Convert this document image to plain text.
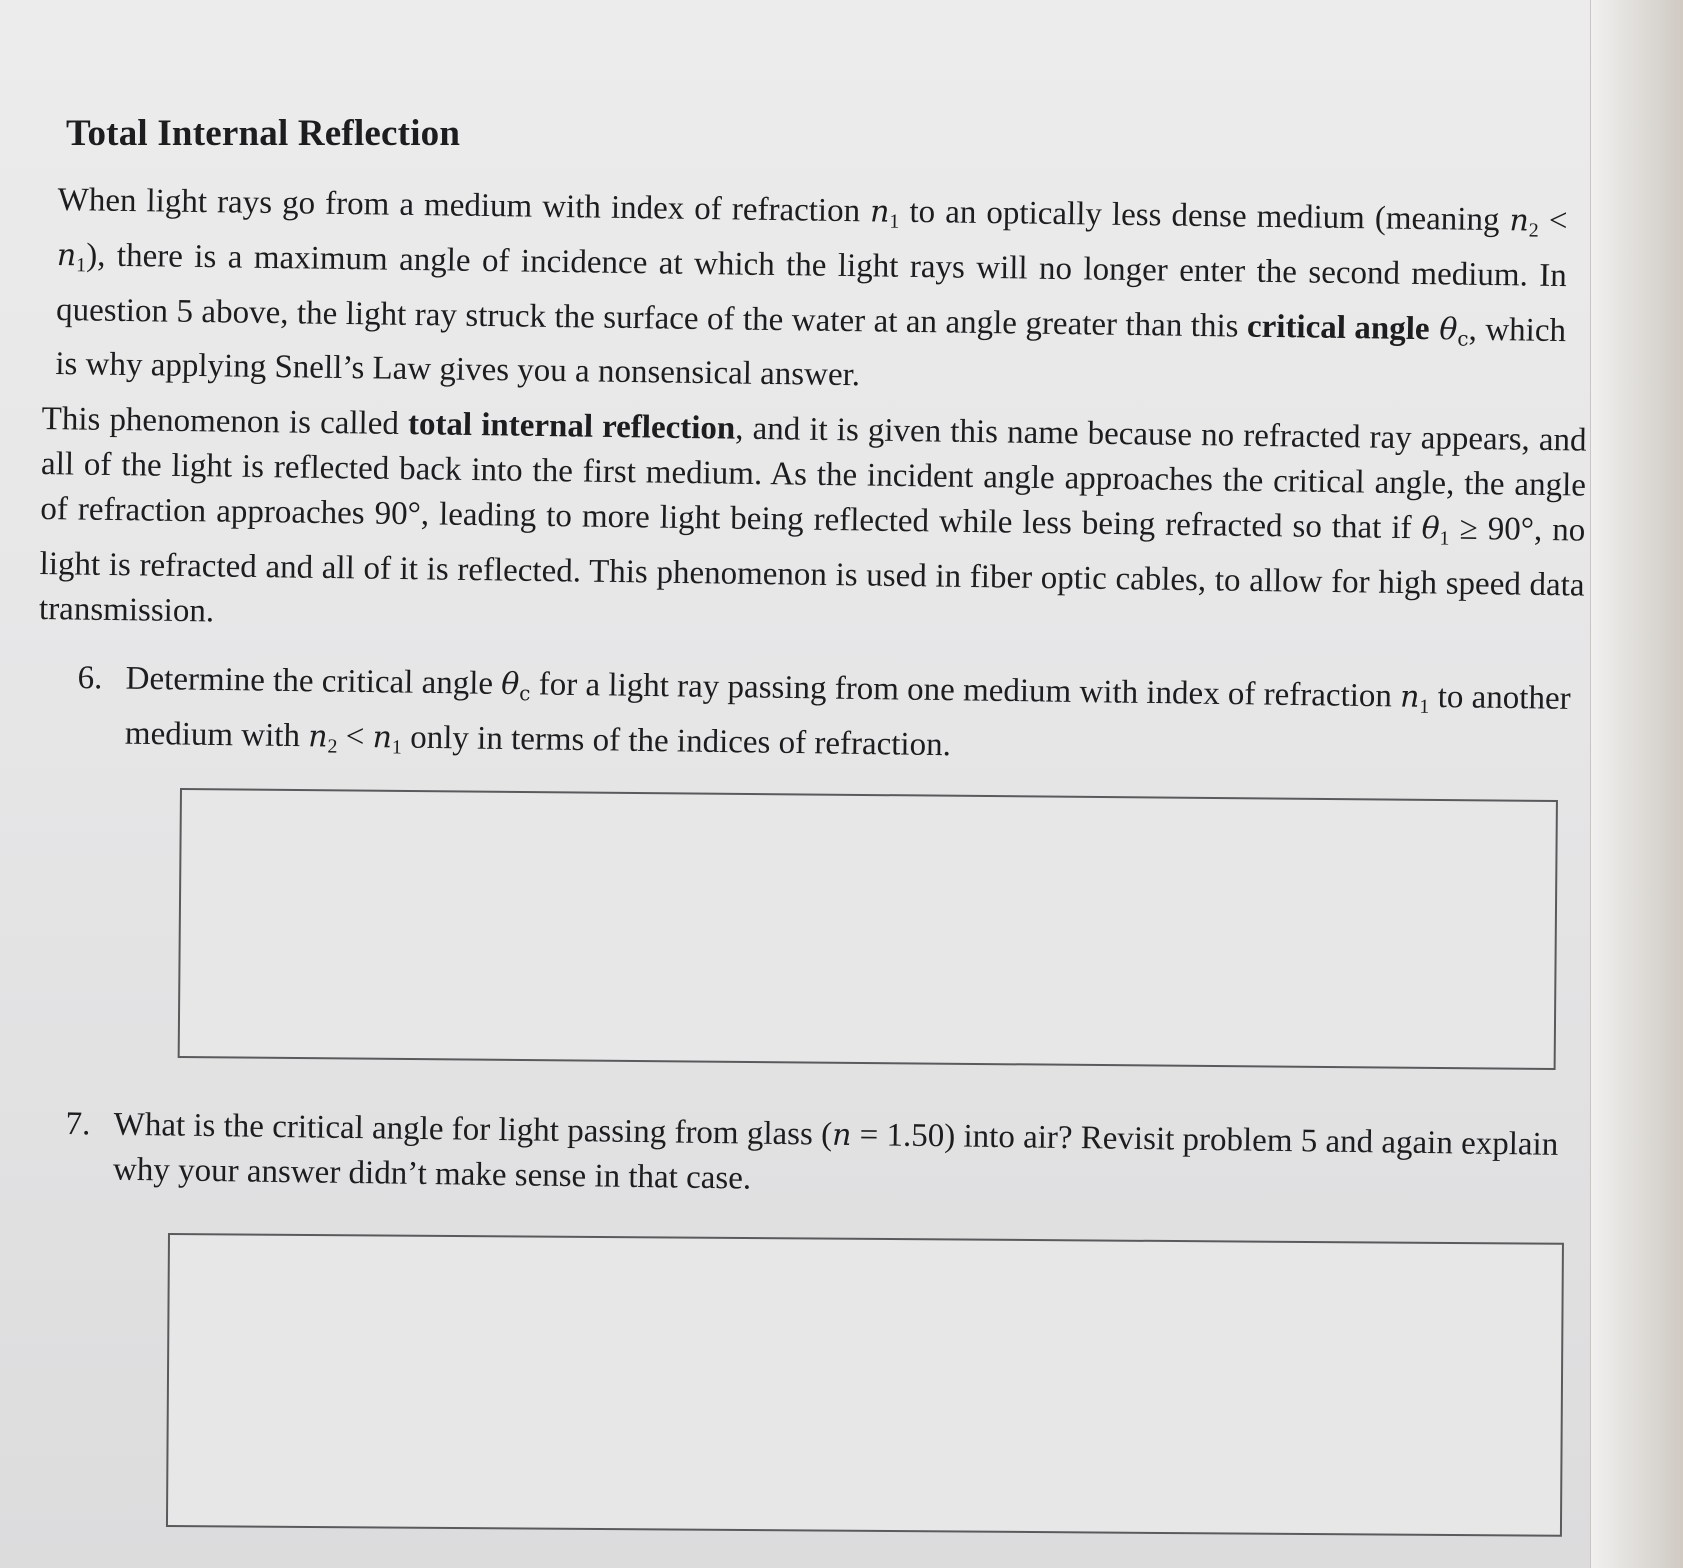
Total Internal Reflection
When light rays go from a medium with index of refraction $n_1$ to an optically less dense medium (meaning $n_2 < n_1$), there is a maximum angle of incidence at which the light rays will no longer enter the second medium. In question 5 above, the light ray struck the surface of the water at an angle greater than this critical angle $\theta_c$, which is why applying Snell’s Law gives you a nonsensical answer.
This phenomenon is called total internal reflection, and it is given this name because no refracted ray appears, and all of the light is reflected back into the first medium. As the incident angle approaches the critical angle, the angle of refraction approaches 90°, leading to more light being reflected while less being refracted so that if $\theta_1 \ge 90^\circ$, no light is refracted and all of it is reflected. This phenomenon is used in fiber optic cables, to allow for high speed data transmission.
6. Determine the critical angle $\theta_c$ for a light ray passing from one medium with index of refraction $n_1$ to another medium with $n_2 < n_1$ only in terms of the indices of refraction.
7. What is the critical angle for light passing from glass (n = 1.50) into air? Revisit problem 5 and again explain why your answer didn’t make sense in that case.
